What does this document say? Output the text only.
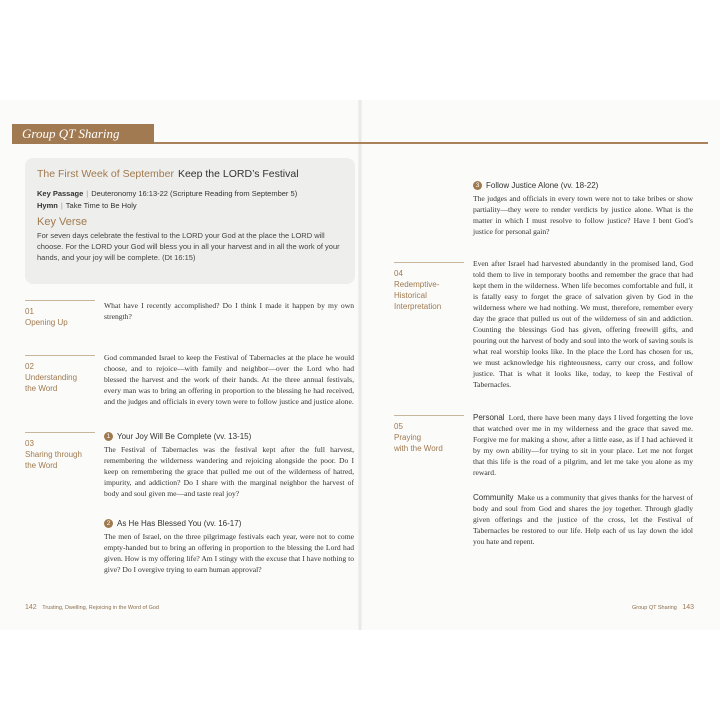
Group QT Sharing
The First Week of September Keep the LORD’s Festival
Key Passage | Deuteronomy 16:13-22 (Scripture Reading from September 5)
Hymn | Take Time to Be Holy
Key Verse
For seven days celebrate the festival to the LORD your God at the place the LORD will choose. For the LORD your God will bless you in all your harvest and in all the work of your hands, and your joy will be complete. (Dt 16:15)
01
Opening Up
What have I recently accomplished? Do I think I made it happen by my own strength?
02
Understanding
the Word
God commanded Israel to keep the Festival of Tabernacles at the place he would choose, and to rejoice—with family and neighbor—over the Lord who had blessed the harvest and the work of their hands. At the three annual festivals, every man was to bring an offering in proportion to the blessing he had received, and the judges and officials in every town were to follow justice and justice alone.
03
Sharing through
the Word
1 Your Joy Will Be Complete (vv. 13-15)
The Festival of Tabernacles was the festival kept after the full harvest, remembering the wilderness wandering and rejoicing alongside the poor. Do I keep on remembering the grace that pulled me out of the wilderness of hatred, impurity, and addiction? Do I share with the marginal neighbor the harvest of body and soul given me—and taste real joy?
2 As He Has Blessed You (vv. 16-17)
The men of Israel, on the three pilgrimage festivals each year, were not to come empty-handed but to bring an offering in proportion to the blessing the Lord had given. How is my offering life? Am I stingy with the excuse that I have nothing to give? Do I overgive trying to earn human approval?
3 Follow Justice Alone (vv. 18-22)
The judges and officials in every town were not to take bribes or show partiality—they were to render verdicts by justice alone. What is the matter in which I must resolve to follow justice? Have I bent God’s justice for personal gain?
04
Redemptive-
Historical
Interpretation
Even after Israel had harvested abundantly in the promised land, God told them to live in temporary booths and remember the grace that had kept them in the wilderness. When life becomes comfortable and full, it is fatally easy to forget the grace of salvation given by God in the wilderness where we had nothing. We must, therefore, remember every day the grace that pulled us out of the wilderness of sin and addiction. Counting the blessings God has given, offering freewill gifts, and pouring out the harvest of body and soul into the work of saving souls is what real worship looks like. In the place the Lord has chosen for us, we must acknowledge his righteousness, carry our cross, and follow justice. That is what it looks like, today, to keep the Festival of Tabernacles.
05
Praying
with the Word
Personal Lord, there have been many days I lived forgetting the love that watched over me in my wilderness and the grace that saved me. Forgive me for making a show, after a little ease, as if I had achieved it by my own ability—for trying to sit in your place. Let me not forget that this life is the road of a pilgrim, and let me take you alone as my reward.
Community Make us a community that gives thanks for the harvest of body and soul from God and shares the joy together. Through gladly given offerings and the justice of the cross, let the Festival of Tabernacles be restored to our life. Help each of us lay down the idol you hate and repent.
142 Trusting, Dwelling, Rejoicing in the Word of God	Group QT Sharing 143
